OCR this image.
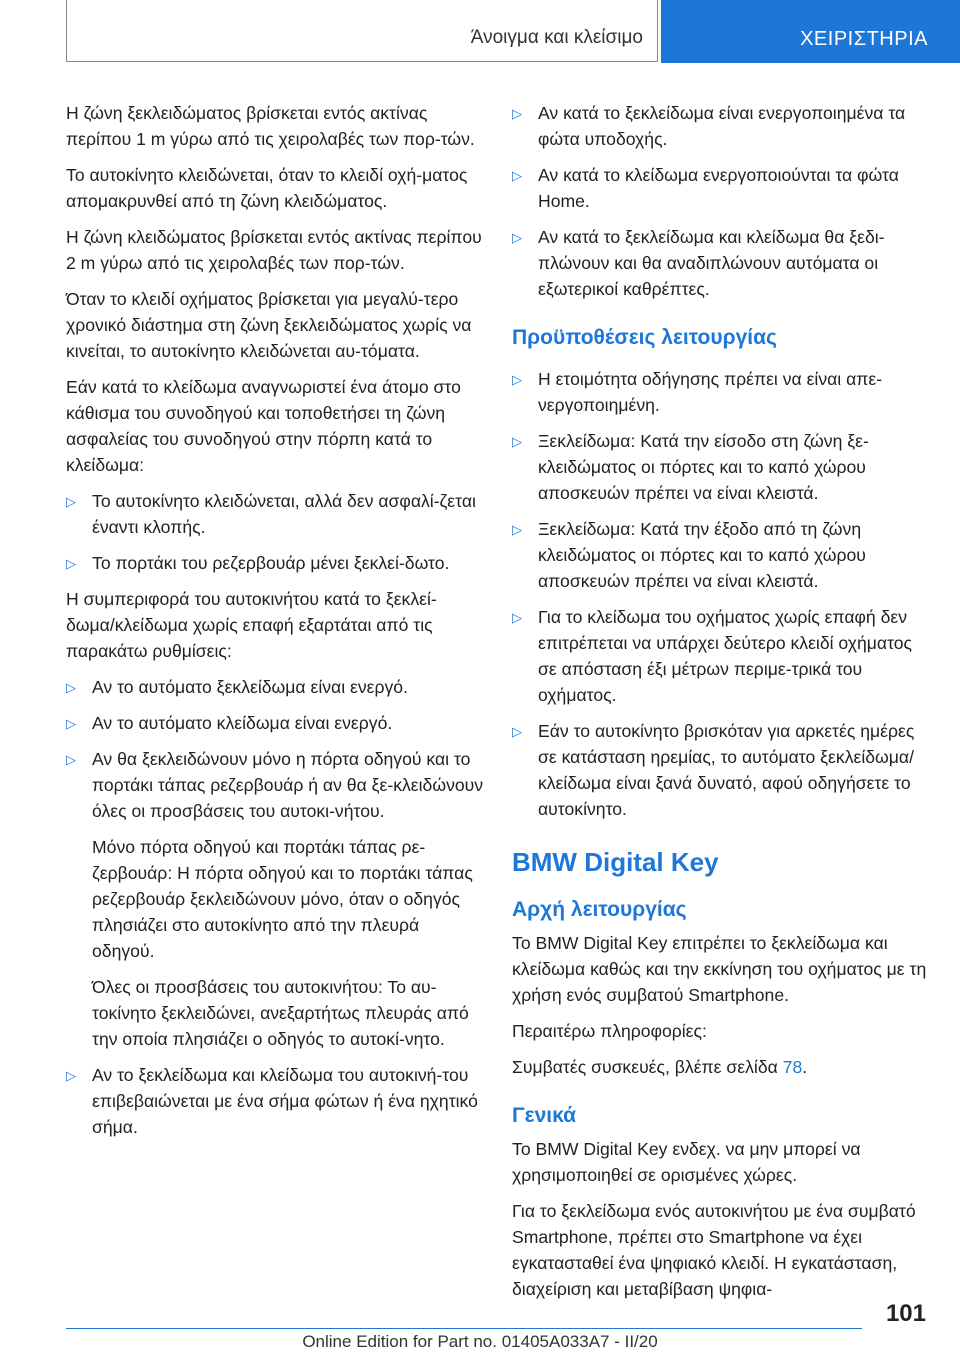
Άνοιγμα και κλείσιμο	ΧΕΙΡΙΣΤΗΡΙΑ

Η ζώνη ξεκλειδώματος βρίσκεται εντός ακτίνας περίπου 1 m γύρω από τις χειρολαβές των πορ‐τών.

Το αυτοκίνητο κλειδώνεται, όταν το κλειδί οχή‐ματος απομακρυνθεί από τη ζώνη κλειδώματος.

Η ζώνη κλειδώματος βρίσκεται εντός ακτίνας περίπου 2 m γύρω από τις χειρολαβές των πορ‐τών.

Όταν το κλειδί οχήματος βρίσκεται για μεγαλύ‐τερο χρονικό διάστημα στη ζώνη ξεκλειδώματος χωρίς να κινείται, το αυτοκίνητο κλειδώνεται αυ‐τόματα.

Εάν κατά το κλείδωμα αναγνωριστεί ένα άτομο στο κάθισμα του συνοδηγού και τοποθετήσει τη ζώνη ασφαλείας του συνοδηγού στην πόρπη κατά το κλείδωμα:

▷ Το αυτοκίνητο κλειδώνεται, αλλά δεν ασφαλί‐ζεται έναντι κλοπής.
▷ Το πορτάκι του ρεζερβουάρ μένει ξεκλεί‐δωτο.

Η συμπεριφορά του αυτοκινήτου κατά το ξεκλεί‐δωμα/κλείδωμα χωρίς επαφή εξαρτάται από τις παρακάτω ρυθμίσεις:

▷ Αν το αυτόματο ξεκλείδωμα είναι ενεργό.
▷ Αν το αυτόματο κλείδωμα είναι ενεργό.
▷ Αν θα ξεκλειδώνουν μόνο η πόρτα οδηγού και το πορτάκι τάπας ρεζερβουάρ ή αν θα ξε‐κλειδώνουν όλες οι προσβάσεις του αυτοκι‐νήτου.

Μόνο πόρτα οδηγού και πορτάκι τάπας ρε‐ζερβουάρ: Η πόρτα οδηγού και το πορτάκι τάπας ρεζερβουάρ ξεκλειδώνουν μόνο, όταν ο οδηγός πλησιάζει στο αυτοκίνητο από την πλευρά οδηγού.

Όλες οι προσβάσεις του αυτοκινήτου: Το αυ‐τοκίνητο ξεκλειδώνει, ανεξαρτήτως πλευράς από την οποία πλησιάζει ο οδηγός το αυτοκί‐νητο.

▷ Αν το ξεκλείδωμα και κλείδωμα του αυτοκινή‐του επιβεβαιώνεται με ένα σήμα φώτων ή ένα ηχητικό σήμα.
▷ Αν κατά το ξεκλείδωμα είναι ενεργοποιημένα τα φώτα υποδοχής.
▷ Αν κατά το κλείδωμα ενεργοποιούνται τα φώτα Home.
▷ Αν κατά το ξεκλείδωμα και κλείδωμα θα ξεδι‐πλώνουν και θα αναδιπλώνουν αυτόματα οι εξωτερικοί καθρέπτες.
Προϋποθέσεις λειτουργίας
▷ Η ετοιμότητα οδήγησης πρέπει να είναι απε‐νεργοποιημένη.
▷ Ξεκλείδωμα: Κατά την είσοδο στη ζώνη ξε‐κλειδώματος οι πόρτες και το καπό χώρου αποσκευών πρέπει να είναι κλειστά.
▷ Ξεκλείδωμα: Κατά την έξοδο από τη ζώνη κλειδώματος οι πόρτες και το καπό χώρου αποσκευών πρέπει να είναι κλειστά.
▷ Για το κλείδωμα του οχήματος χωρίς επαφή δεν επιτρέπεται να υπάρχει δεύτερο κλειδί οχήματος σε απόσταση έξι μέτρων περιμε‐τρικά του οχήματος.
▷ Εάν το αυτοκίνητο βρισκόταν για αρκετές ημέρες σε κατάσταση ηρεμίας, το αυτόματο ξεκλείδωμα/κλείδωμα είναι ξανά δυνατό, αφού οδηγήσετε το αυτοκίνητο.
BMW Digital Key
Αρχή λειτουργίας

Το BMW Digital Key επιτρέπει το ξεκλείδωμα και κλείδωμα καθώς και την εκκίνηση του οχήματος με τη χρήση ενός συμβατού Smartphone.

Περαιτέρω πληροφορίες:

Συμβατές συσκευές, βλέπε σελίδα 78.

Γενικά

Το BMW Digital Key ενδεχ. να μην μπορεί να χρησιμοποιηθεί σε ορισμένες χώρες.

Για το ξεκλείδωμα ενός αυτοκινήτου με ένα συμβατό Smartphone, πρέπει στο Smartphone να έχει εγκατασταθεί ένα ψηφιακό κλειδί. Η εγκατάσταση, διαχείριση και μεταβίβαση ψηφια‐

101
Online Edition for Part no. 01405A033A7 - II/20
